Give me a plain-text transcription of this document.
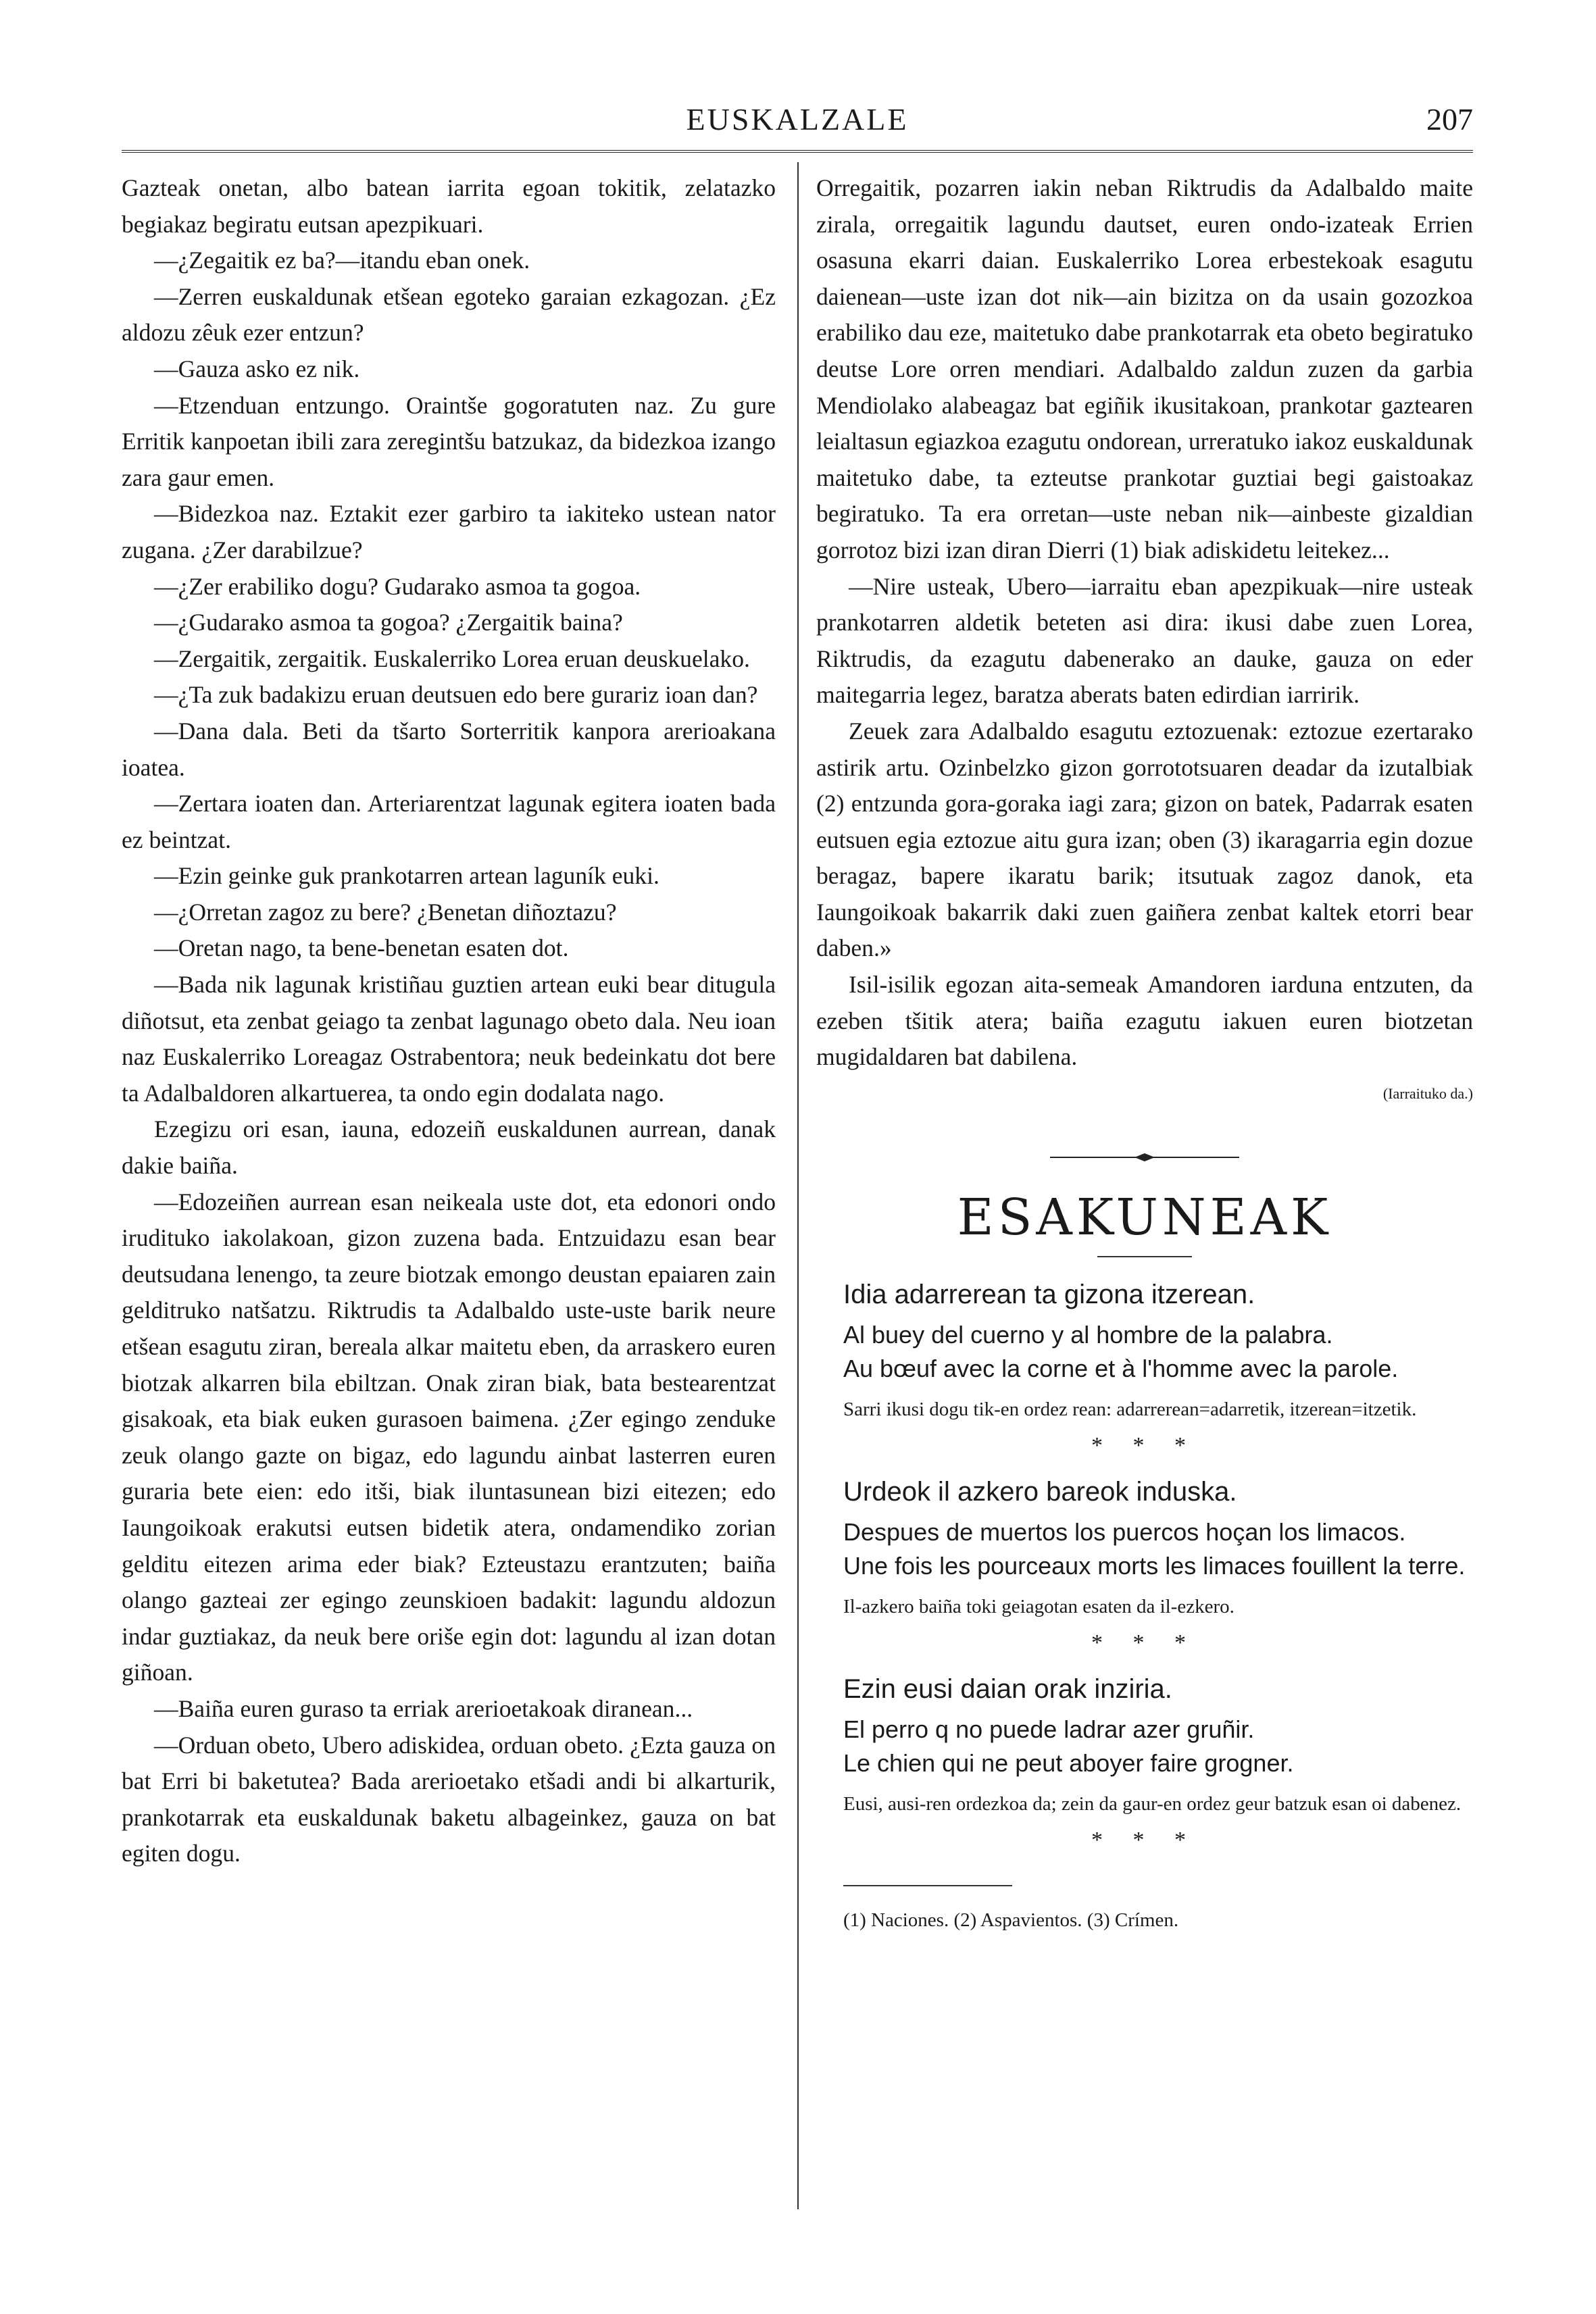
EUSKALZALE	207

Gazteak onetan, albo batean iarrita egoan tokitik, zelatazko begiakaz begiratu eutsan apezpikuari.

—¿Zegaitik ez ba?—itandu eban onek.

—Zerren euskaldunak etšean egoteko garaian ezkagozan. ¿Ez aldozu zêuk ezer entzun?

—Gauza asko ez nik.

—Etzenduan entzungo. Oraintše gogoratuten naz. Zu gure Erritik kanpoetan ibili zara zeregintšu batzukaz, da bidezkoa izango zara gaur emen.

—Bidezkoa naz. Eztakit ezer garbiro ta iakiteko ustean nator zugana. ¿Zer darabilzue?

—¿Zer erabiliko dogu? Gudarako asmoa ta gogoa.

—¿Gudarako asmoa ta gogoa? ¿Zergaitik baina?

—Zergaitik, zergaitik. Euskalerriko Lorea eruan deuskuelako.

—¿Ta zuk badakizu eruan deutsuen edo bere gurariz ioan dan?

—Dana dala. Beti da tšarto Sorterritik kanpora arerioakana ioatea.

—Zertara ioaten dan. Arteriarentzat lagunak egitera ioaten bada ez beintzat.

—Ezin geinke guk prankotarren artean laguník euki.

—¿Orretan zagoz zu bere? ¿Benetan diñoztazu?

—Oretan nago, ta bene-benetan esaten dot.

—Bada nik lagunak kristiñau guztien artean euki bear ditugula diñotsut, eta zenbat geiago ta zenbat lagunago obeto dala. Neu ioan naz Euskalerriko Loreagaz Ostrabentora; neuk bedeinkatu dot bere ta Adalbaldoren alkartuerea, ta ondo egin dodalata nago.

Ezegizu ori esan, iauna, edozeiñ euskaldunen aurrean, danak dakie baiña.

—Edozeiñen aurrean esan neikeala uste dot, eta edonori ondo irudituko iakolakoan, gizon zuzena bada. Entzuidazu esan bear deutsudana lenengo, ta zeure biotzak emongo deustan epaiaren zain gelditruko natšatzu. Riktrudis ta Adalbaldo uste-uste barik neure etšean esagutu ziran, bereala alkar maitetu eben, da arraskero euren biotzak alkarren bila ebiltzan. Onak ziran biak, bata bestearentzat gisakoak, eta biak euken gurasoen baimena. ¿Zer egingo zenduke zeuk olango gazte on bigaz, edo lagundu ainbat lasterren euren guraria bete eien: edo itši, biak iluntasunean bizi eitezen; edo Iaungoikoak erakutsi eutsen bidetik atera, ondamendiko zorian gelditu eitezen arima eder biak? Ezteustazu erantzuten; baiña olango gazteai zer egingo zeunskioen badakit: lagundu aldozun indar guztiakaz, da neuk bere oriše egin dot: lagundu al izan dotan giñoan.

—Baiña euren guraso ta erriak arerioetakoak diranean...

—Orduan obeto, Ubero adiskidea, orduan obeto. ¿Ezta gauza on bat Erri bi baketutea? Bada arerioetako etšadi andi bi alkarturik, prankotarrak eta euskaldunak baketu albageinkez, gauza on bat egiten dogu.

Orregaitik, pozarren iakin neban Riktrudis da Adalbaldo maite zirala, orregaitik lagundu dautset, euren ondo-izateak Errien osasuna ekarri daian. Euskalerriko Lorea erbestekoak esagutu daienean—uste izan dot nik—ain bizitza on da usain gozozkoa erabiliko dau eze, maitetuko dabe prankotarrak eta obeto begiratuko deutse Lore orren mendiari. Adalbaldo zaldun zuzen da garbia Mendiolako alabeagaz bat egiñik ikusitakoan, prankotar gaztearen leialtasun egiazkoa ezagutu ondorean, urreratuko iakoz euskaldunak maitetuko dabe, ta ezteutse prankotar guztiai begi gaistoakaz begiratuko. Ta era orretan—uste neban nik—ainbeste gizaldian gorrotoz bizi izan diran Dierri (1) biak adiskidetu leitekez...

—Nire usteak, Ubero—iarraitu eban apezpikuak—nire usteak prankotarren aldetik beteten asi dira: ikusi dabe zuen Lorea, Riktrudis, da ezagutu dabenerako an dauke, gauza on eder maitegarria legez, baratza aberats baten edirdian iarririk.

Zeuek zara Adalbaldo esagutu eztozuenak: eztozue ezertarako astirik artu. Ozinbelzko gizon gorrototsuaren deadar da izutalbiak (2) entzunda gora-goraka iagi zara; gizon on batek, Padarrak esaten eutsuen egia eztozue aitu gura izan; oben (3) ikaragarria egin dozue beragaz, bapere ikaratu barik; itsutuak zagoz danok, eta Iaungoikoak bakarrik daki zuen gaiñera zenbat kaltek etorri bear daben.»

Isil-isilik egozan aita-semeak Amandoren iarduna entzuten, da ezeben tšitik atera; baiña ezagutu iakuen euren biotzetan mugidaldaren bat dabilena.

(Iarraituko da.)

ESAKUNEAK
Idia adarrerean ta gizona itzerean.
Al buey del cuerno y al hombre de la palabra.
Au bœuf avec la corne et à l'homme avec la parole.
Sarri ikusi dogu tik-en ordez rean: adarrerean=adarretik, itzerean=itzetik.
* * *
Urdeok il azkero bareok induska.
Despues de muertos los puercos hoçan los limacos.
Une fois les pourceaux morts les limaces fouillent la terre.
Il-azkero baiña toki geiagotan esaten da il-ezkero.
* * *
Ezin eusi daian orak inziria.
El perro q no puede ladrar azer gruñir.
Le chien qui ne peut aboyer faire grogner.
Eusi, ausi-ren ordezkoa da; zein da gaur-en ordez geur batzuk esan oi dabenez.
* * *
(1) Naciones. (2) Aspavientos. (3) Crímen.
